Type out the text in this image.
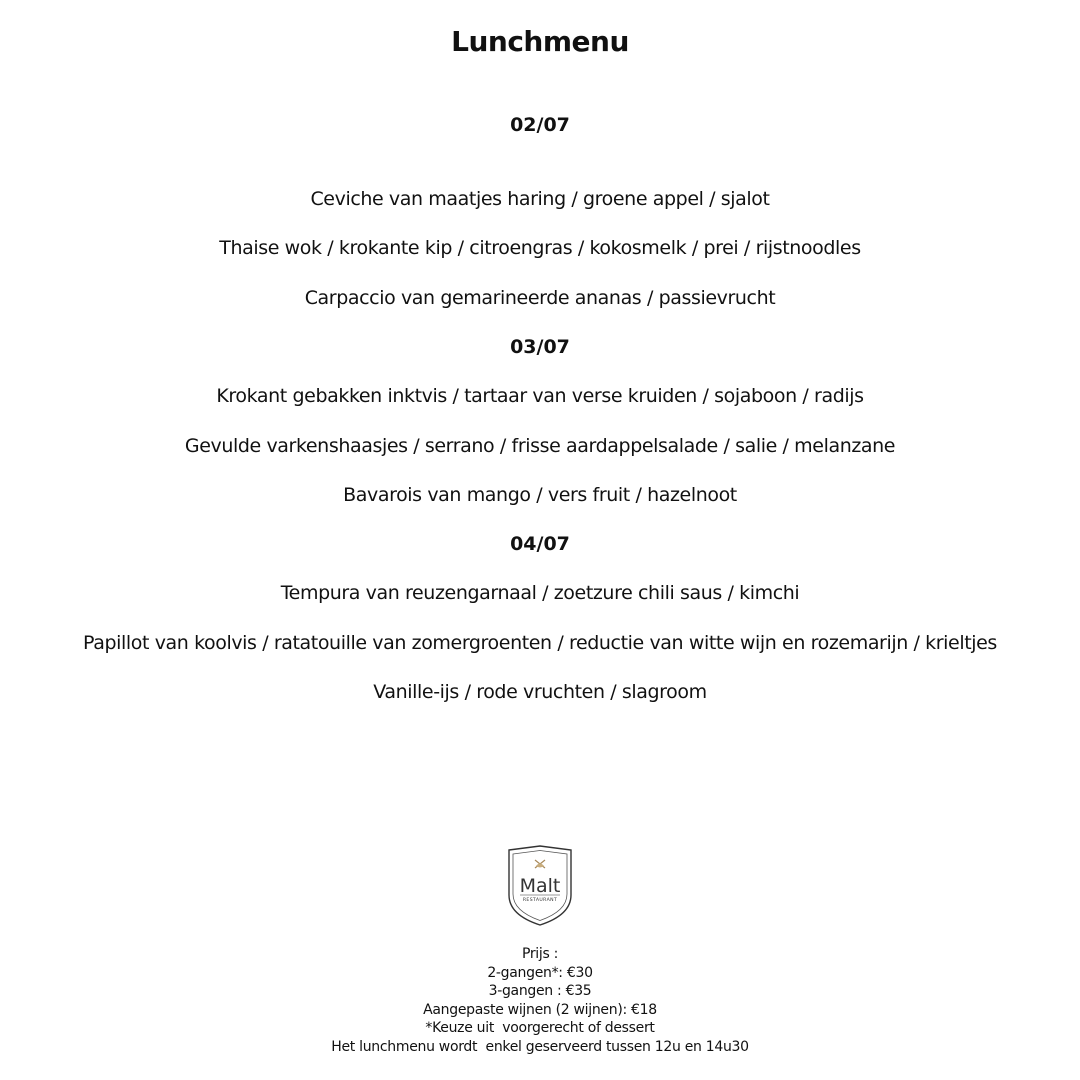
Lunchmenu
02/07
Ceviche van maatjes haring / groene appel / sjalot
Thaise wok / krokante kip / citroengras / kokosmelk / prei / rijstnoodles
Carpaccio van gemarineerde ananas / passievrucht
03/07
Krokant gebakken inktvis / tartaar van verse kruiden / sojaboon / radijs
Gevulde varkenshaasjes / serrano / frisse aardappelsalade / salie / melanzane
Bavarois van mango / vers fruit / hazelnoot
04/07
Tempura van reuzengarnaal / zoetzure chili saus / kimchi
Papillot van koolvis / ratatouille van zomergroenten / reductie van witte wijn en rozemarijn / krieltjes
Vanille-ijs / rode vruchten / slagroom
Malt
RESTAURANT
Prijs :
2-gangen*: €30
3-gangen : €35
Aangepaste wijnen (2 wijnen): €18
*Keuze uit  voorgerecht of dessert
Het lunchmenu wordt  enkel geserveerd tussen 12u en 14u30
